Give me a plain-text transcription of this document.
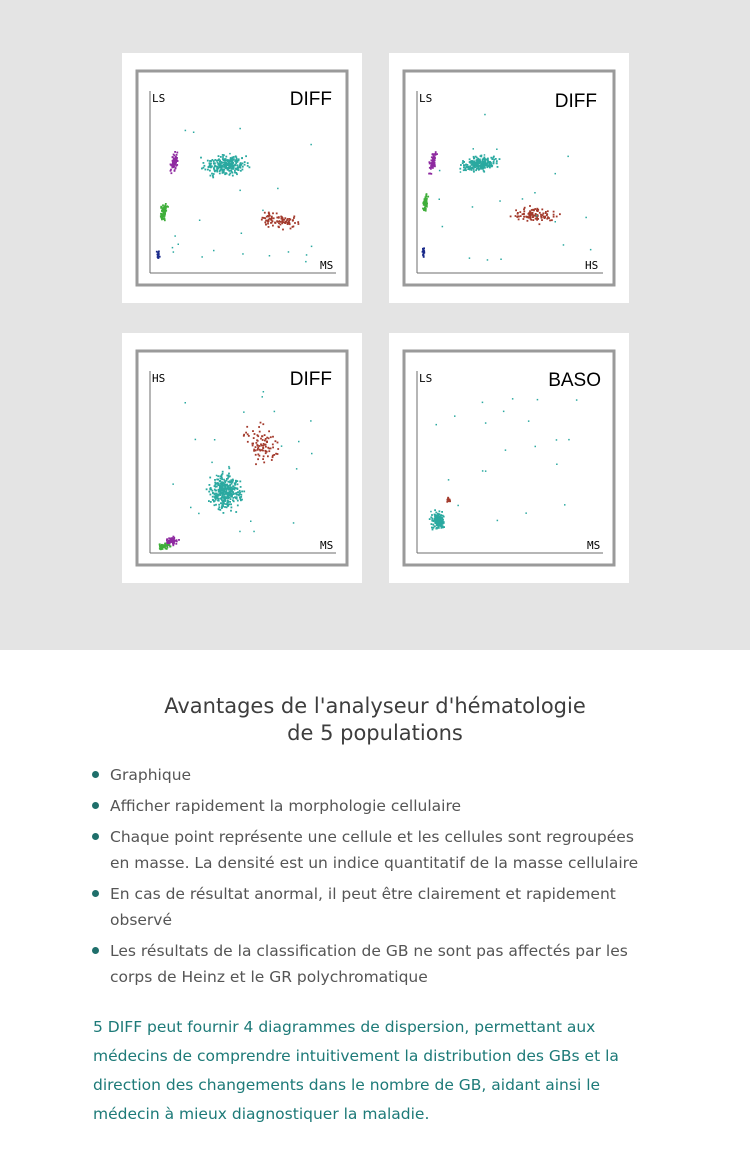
LS
MS
DIFF	LS
HS
DIFF
HS
MS
DIFF	LS
MS
BASO
Avantages de l'analyseur d'hématologie
de 5 populations
Graphique
Afficher rapidement la morphologie cellulaire
Chaque point représente une cellule et les cellules sont regroupées
en masse. La densité est un indice quantitatif de la masse cellulaire
En cas de résultat anormal, il peut être clairement et rapidement
observé
Les résultats de la classification de GB ne sont pas affectés par les
corps de Heinz et le GR polychromatique
5 DIFF peut fournir 4 diagrammes de dispersion, permettant aux
médecins de comprendre intuitivement la distribution des GBs et la
direction des changements dans le nombre de GB, aidant ainsi le
médecin à mieux diagnostiquer la maladie.
